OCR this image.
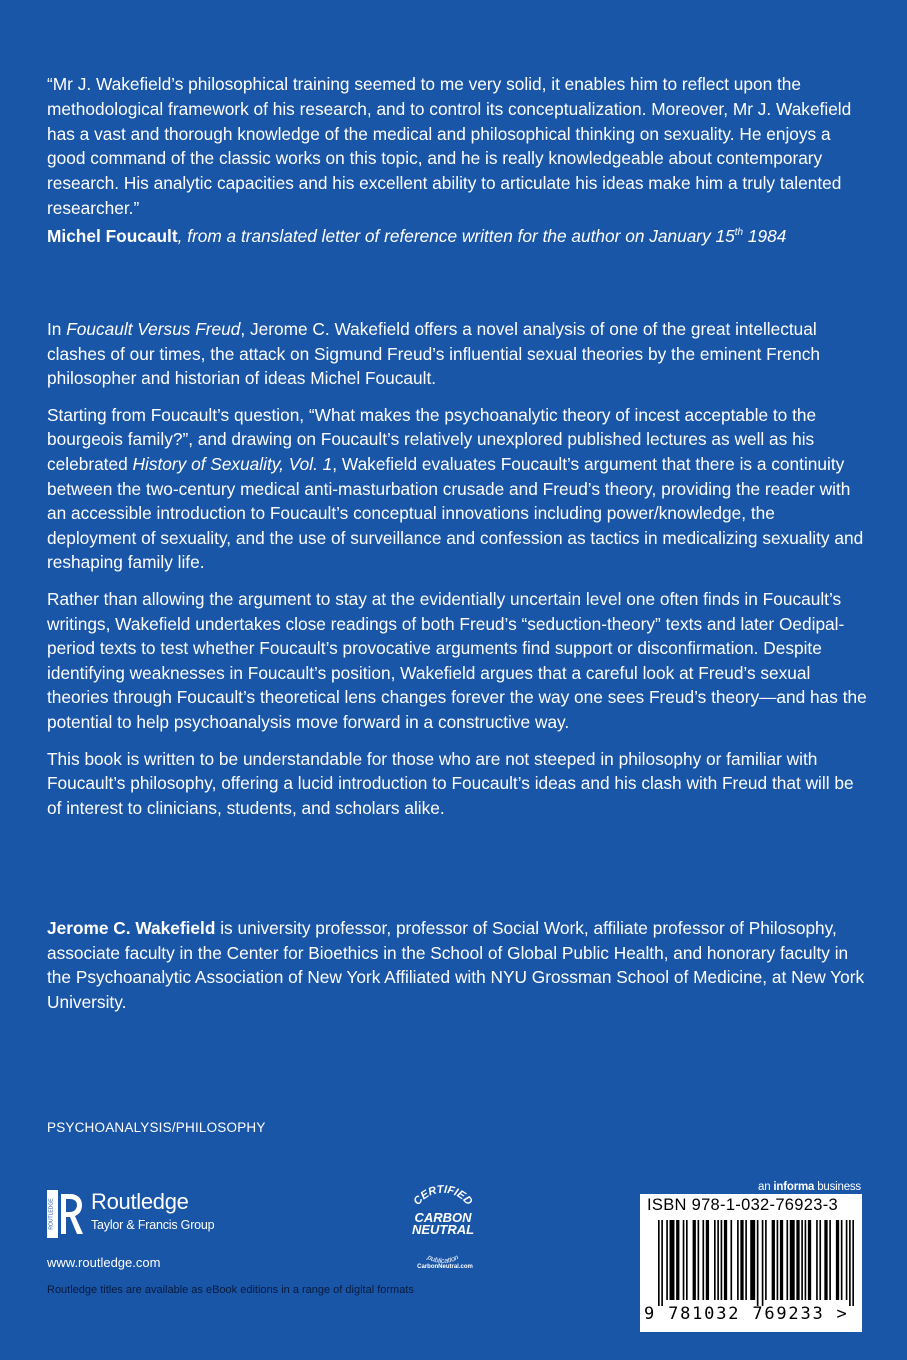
“Mr J. Wakefield’s philosophical training seemed to me very solid, it enables him to reflect upon the methodological framework of his research, and to control its conceptualization. Moreover, Mr J. Wakefield has a vast and thorough knowledge of the medical and philosophical thinking on sexuality. He enjoys a good command of the classic works on this topic, and he is really knowledgeable about contemporary research. His analytic capacities and his excellent ability to articulate his ideas make him a truly talented researcher.”
Michel Foucault, from a translated letter of reference written for the author on January 15th 1984

In Foucault Versus Freud, Jerome C. Wakefield offers a novel analysis of one of the great intellectual clashes of our times, the attack on Sigmund Freud’s influential sexual theories by the eminent French philosopher and historian of ideas Michel Foucault.

Starting from Foucault’s question, “What makes the psychoanalytic theory of incest acceptable to the bourgeois family?”, and drawing on Foucault’s relatively unexplored published lectures as well as his celebrated History of Sexuality, Vol. 1, Wakefield evaluates Foucault’s argument that there is a continuity between the two-century medical anti-masturbation crusade and Freud’s theory, providing the reader with an accessible introduction to Foucault’s conceptual innovations including power/knowledge, the deployment of sexuality, and the use of surveillance and confession as tactics in medicalizing sexuality and reshaping family life.

Rather than allowing the argument to stay at the evidentially uncertain level one often finds in Foucault’s writings, Wakefield undertakes close readings of both Freud’s “seduction-theory” texts and later Oedipal-period texts to test whether Foucault’s provocative arguments find support or disconfirmation. Despite identifying weaknesses in Foucault’s position, Wakefield argues that a careful look at Freud’s sexual theories through Foucault’s theoretical lens changes forever the way one sees Freud’s theory—and has the potential to help psychoanalysis move forward in a constructive way.

This book is written to be understandable for those who are not steeped in philosophy or familiar with Foucault’s philosophy, offering a lucid introduction to Foucault’s ideas and his clash with Freud that will be of interest to clinicians, students, and scholars alike.

Jerome C. Wakefield is university professor, professor of Social Work, affiliate professor of Philosophy, associate faculty in the Center for Bioethics in the School of Global Public Health, and honorary faculty in the Psychoanalytic Association of New York Affiliated with NYU Grossman School of Medicine, at New York University.

PSYCHOANALYSIS/PHILOSOPHY
ROUTLEDGE Routledge
Taylor & Francis Group
www.routledge.com
Routledge titles are available as eBook editions in a range of digital formats
CERTIFIED
CARBON
NEUTRAL
publication
CarbonNeutral.com
an informa business
ISBN 978-1-032-76923-3
9 781032 769233 >
